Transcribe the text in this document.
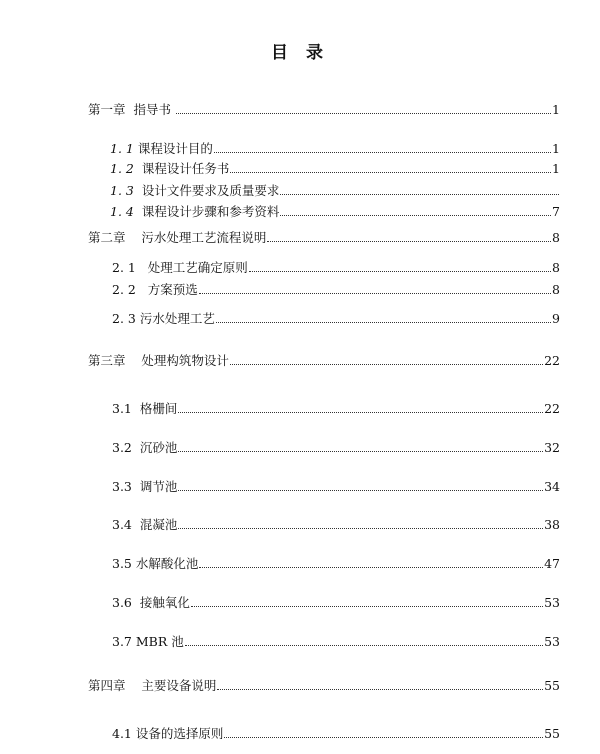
目 录
第一章 指导书	1
1. 1 课程设计目的	1
1. 2 课程设计任务书	1
1. 3 设计文件要求及质量要求
1. 4 课程设计步骤和参考资料	7
第二章 污水处理工艺流程说明	8
2. 1 处理工艺确定原则	8
2. 2 方案预选	8
2. 3 污水处理工艺	9
第三章 处理构筑物设计	22
3.1 格栅间	22
3.2 沉砂池	32
3.3 调节池	34
3.4 混凝池	38
3.5 水解酸化池	47
3.6 接触氧化	53
3.7 MBR 池	53
第四章 主要设备说明	55
4.1 设备的选择原则	55
